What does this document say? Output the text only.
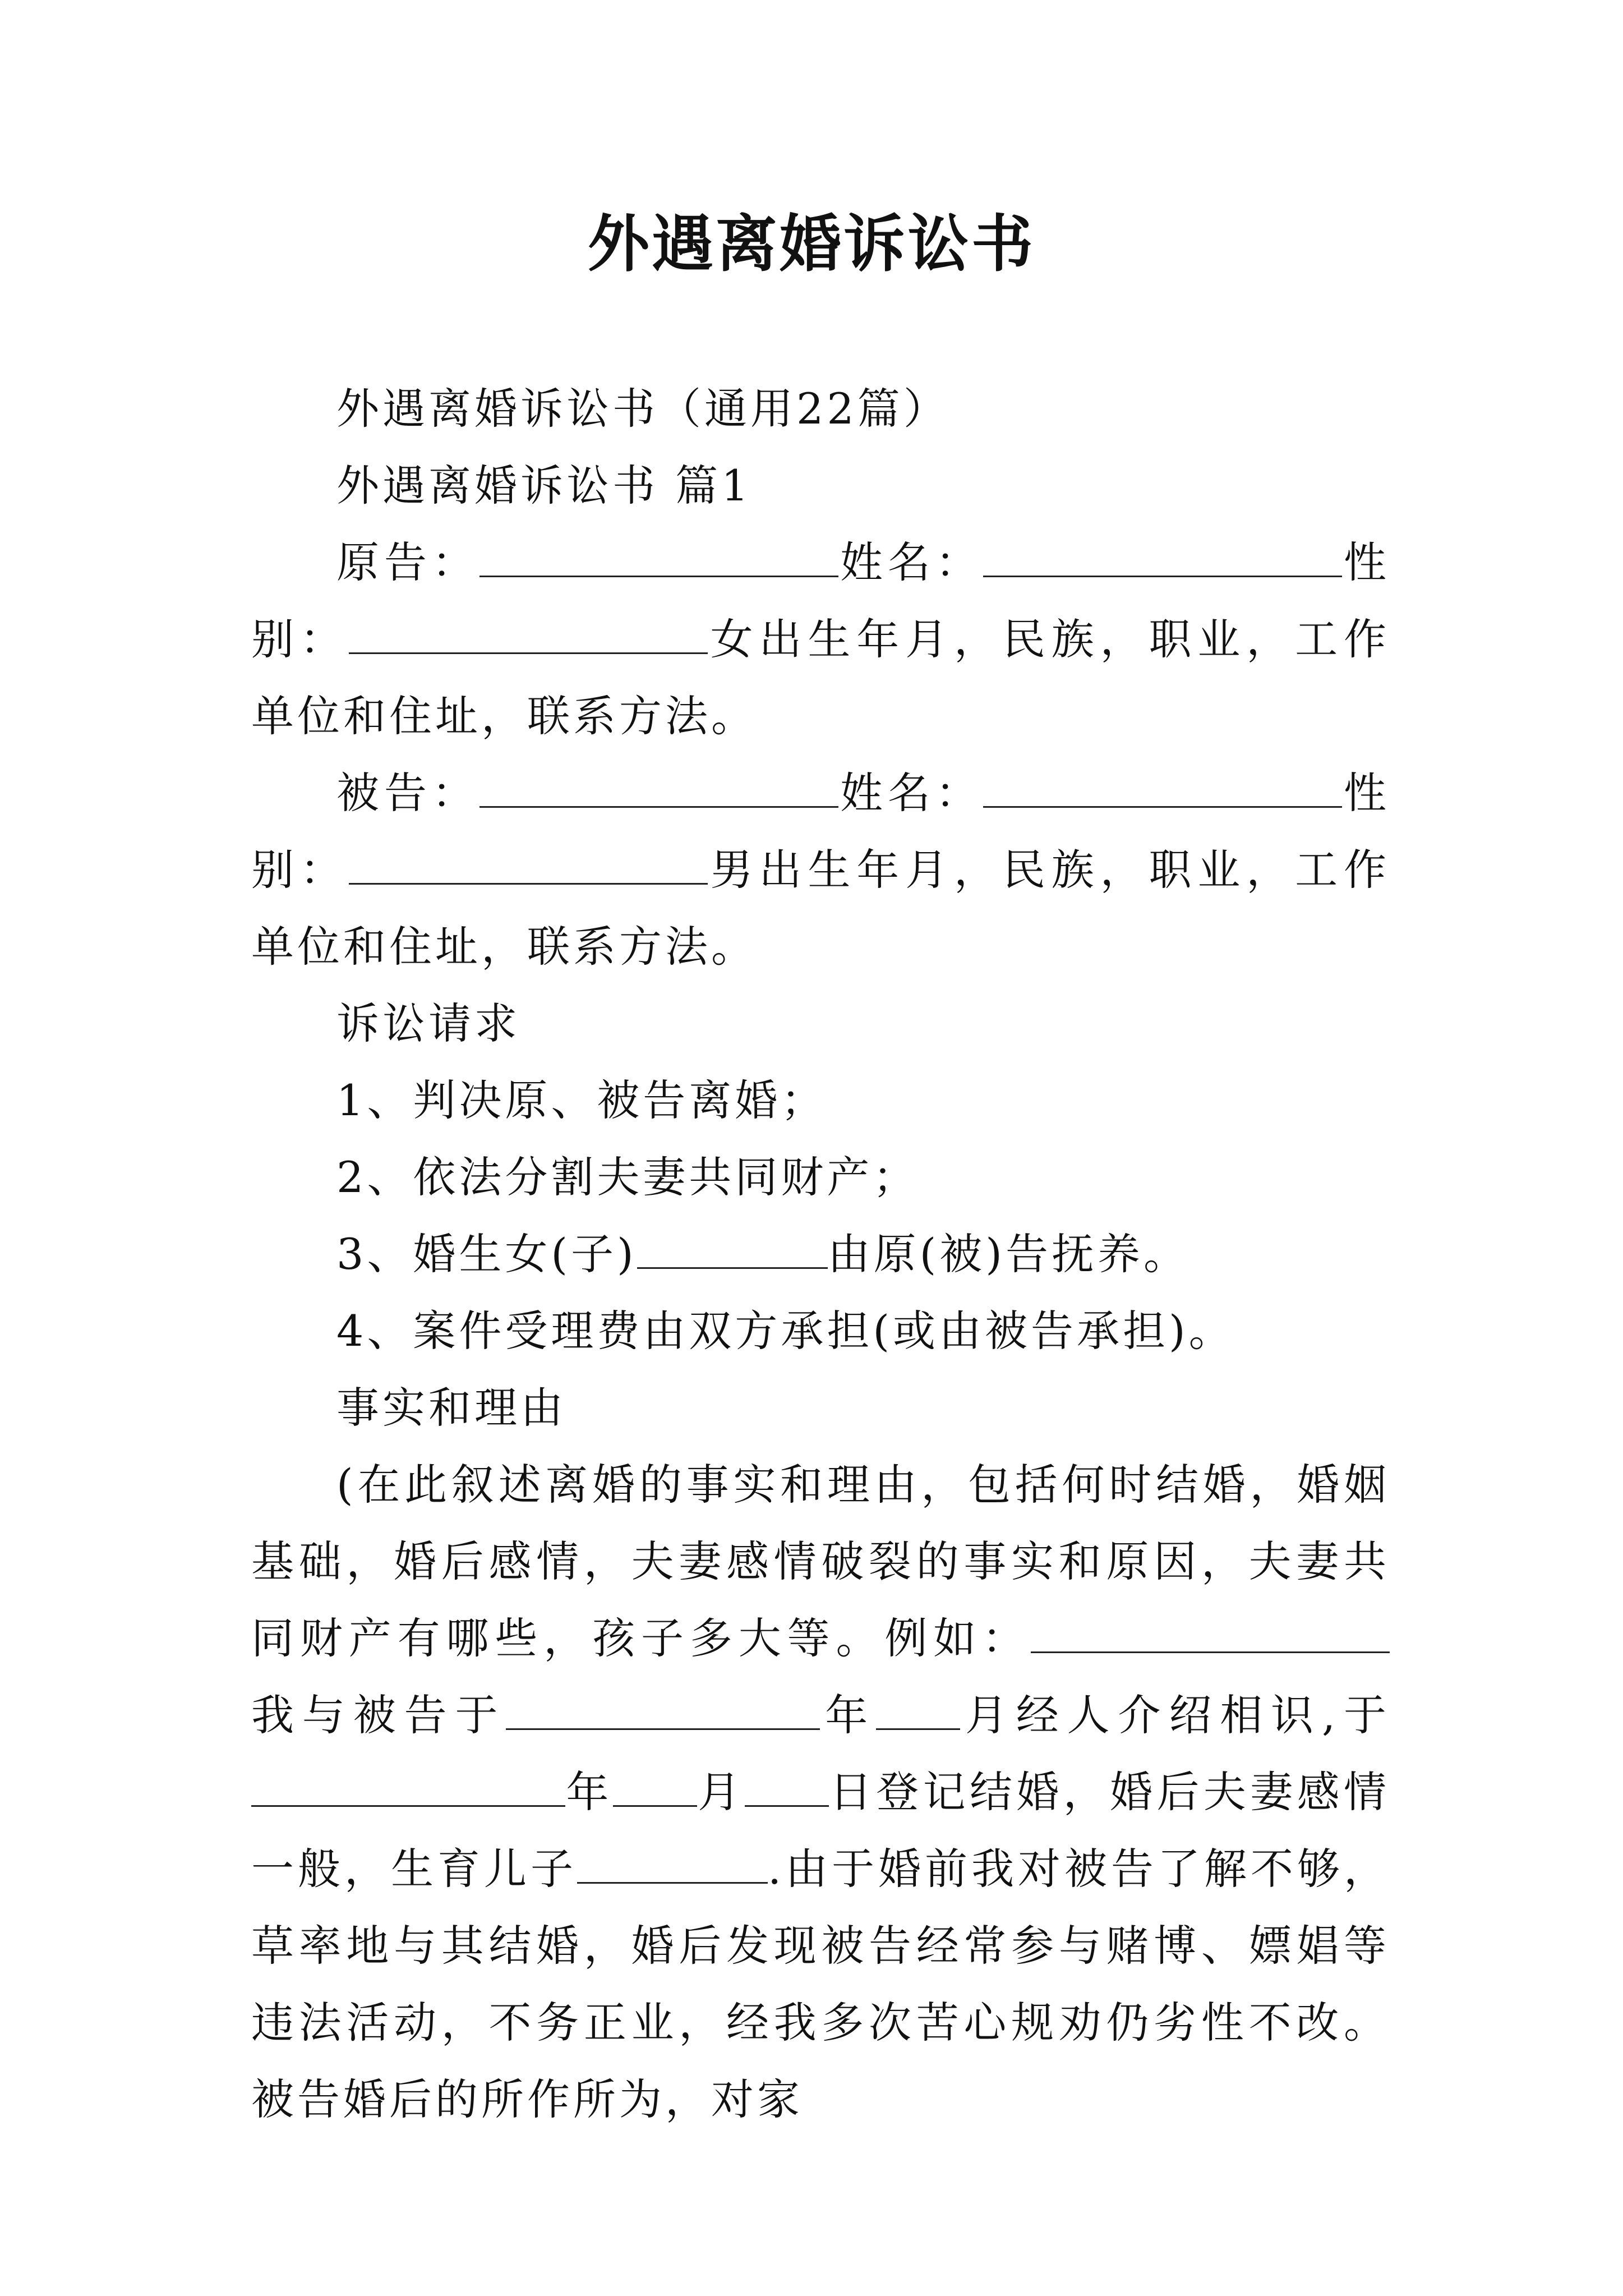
外遇离婚诉讼书

外遇离婚诉讼书（通用22篇）

外遇离婚诉讼书 篇1

原告：	姓名：	性别：	女出生年月，民族，职业，工作单位和住址，联系方法。

被告：	姓名：	性别：	男出生年月，民族，职业，工作单位和住址，联系方法。

诉讼请求

1、判决原、被告离婚；

2、依法分割夫妻共同财产；

3、婚生女(子)	由原(被)告抚养。

4、案件受理费由双方承担(或由被告承担)。

事实和理由

(在此叙述离婚的事实和理由，包括何时结婚，婚姻基础，婚后感情，夫妻感情破裂的事实和原因，夫妻共同财产有哪些，孩子多大等。例如：我与被告于	年 月经人介绍相识,于年 月 日登记结婚，婚后夫妻感情一般，生育儿子	.由于婚前我对被告了解不够，草率地与其结婚，婚后发现被告经常参与赌博、嫖娼等违法活动，不务正业，经我多次苦心规劝仍劣性不改。被告婚后的所作所为，对家
